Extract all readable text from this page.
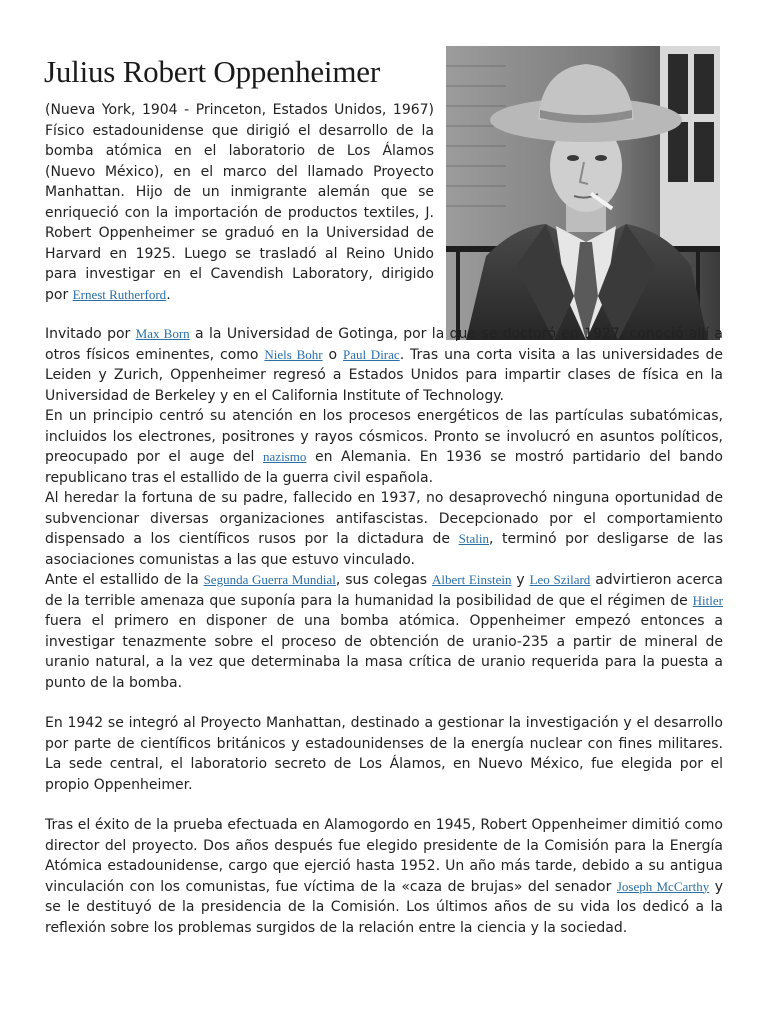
Julius Robert Oppenheimer

(Nueva York, 1904 - Princeton, Estados Unidos, 1967) Físico estadounidense que dirigió el desarrollo de la bomba atómica en el laboratorio de Los Álamos (Nuevo México), en el marco del llamado Proyecto Manhattan. Hijo de un inmigrante alemán que se enriqueció con la importación de productos textiles, J. Robert Oppenheimer se graduó en la Universidad de Harvard en 1925. Luego se trasladó al Reino Unido para investigar en el Cavendish Laboratory, dirigido por Ernest Rutherford.

Invitado por Max Born a la Universidad de Gotinga, por la que se doctoró en 1927, conoció allí a otros físicos eminentes, como Niels Bohr o Paul Dirac. Tras una corta visita a las universidades de Leiden y Zurich, Oppenheimer regresó a Estados Unidos para impartir clases de física en la Universidad de Berkeley y en el California Institute of Technology.

En un principio centró su atención en los procesos energéticos de las partículas subatómicas, incluidos los electrones, positrones y rayos cósmicos. Pronto se involucró en asuntos políticos, preocupado por el auge del nazismo en Alemania. En 1936 se mostró partidario del bando republicano tras el estallido de la guerra civil española.

Al heredar la fortuna de su padre, fallecido en 1937, no desaprovechó ninguna oportunidad de subvencionar diversas organizaciones antifascistas. Decepcionado por el comportamiento dispensado a los científicos rusos por la dictadura de Stalin, terminó por desligarse de las asociaciones comunistas a las que estuvo vinculado.

Ante el estallido de la Segunda Guerra Mundial, sus colegas Albert Einstein y Leo Szilard advirtieron acerca de la terrible amenaza que suponía para la humanidad la posibilidad de que el régimen de Hitler fuera el primero en disponer de una bomba atómica. Oppenheimer empezó entonces a investigar tenazmente sobre el proceso de obtención de uranio-235 a partir de mineral de uranio natural, a la vez que determinaba la masa crítica de uranio requerida para la puesta a punto de la bomba.

En 1942 se integró al Proyecto Manhattan, destinado a gestionar la investigación y el desarrollo por parte de científicos británicos y estadounidenses de la energía nuclear con fines militares. La sede central, el laboratorio secreto de Los Álamos, en Nuevo México, fue elegida por el propio Oppenheimer.

Tras el éxito de la prueba efectuada en Alamogordo en 1945, Robert Oppenheimer dimitió como director del proyecto. Dos años después fue elegido presidente de la Comisión para la Energía Atómica estadounidense, cargo que ejerció hasta 1952. Un año más tarde, debido a su antigua vinculación con los comunistas, fue víctima de la «caza de brujas» del senador Joseph McCarthy y se le destituyó de la presidencia de la Comisión. Los últimos años de su vida los dedicó a la reflexión sobre los problemas surgidos de la relación entre la ciencia y la sociedad.
